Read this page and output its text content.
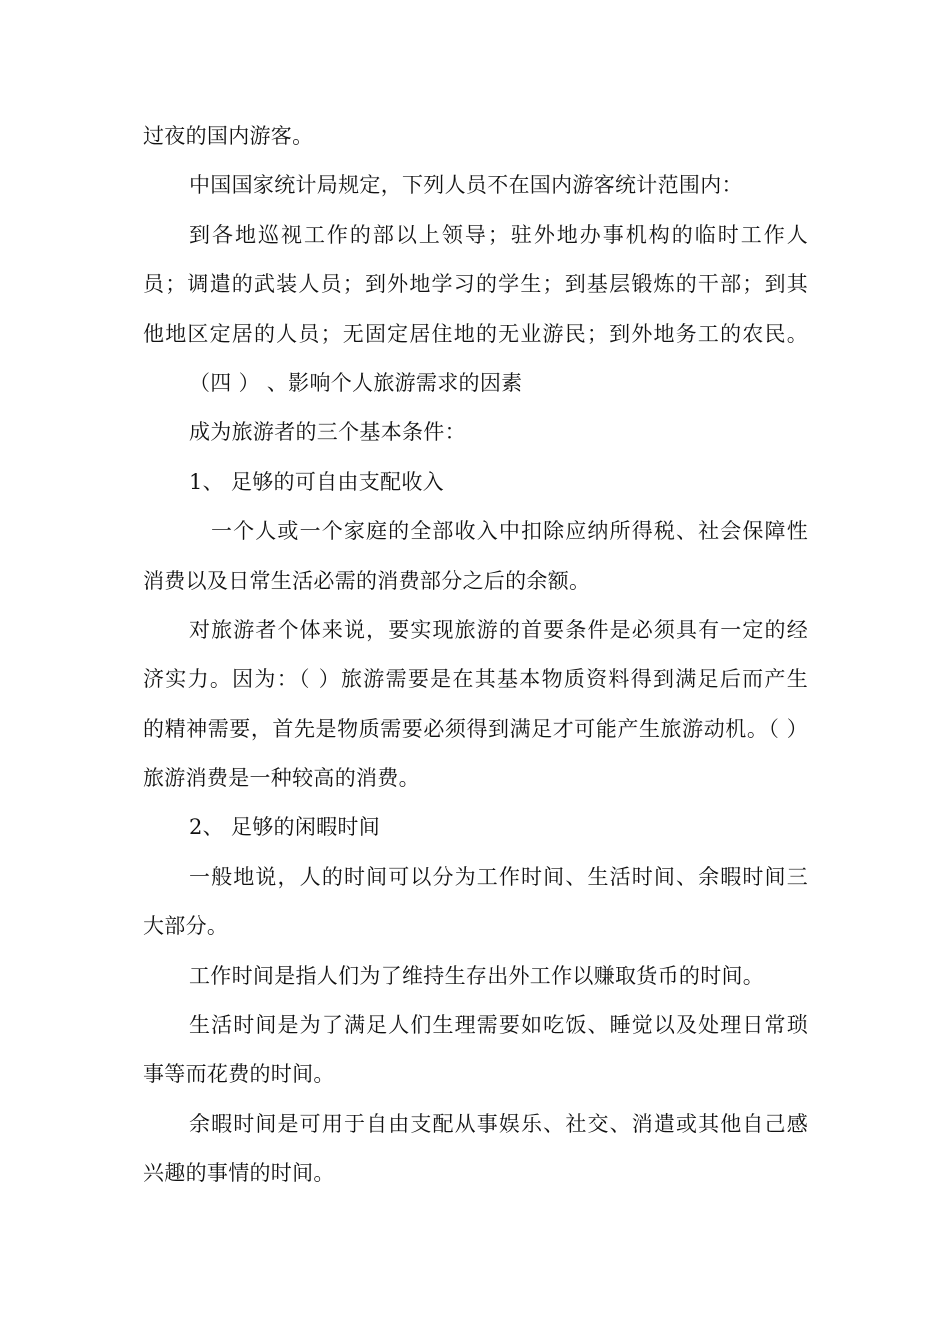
过夜的国内游客。
中国国家统计局规定，下列人员不在国内游客统计范围内：
到各地巡视工作的部以上领导；驻外地办事机构的临时工作人
员；调遣的武装人员；到外地学习的学生；到基层锻炼的干部；到其
他地区定居的人员；无固定居住地的无业游民；到外地务工的农民。
（四 ） 、影响个人旅游需求的因素
成为旅游者的三个基本条件：
1、 足够的可自由支配收入
一个人或一个家庭的全部收入中扣除应纳所得税、社会保障性
消费以及日常生活必需的消费部分之后的余额。
对旅游者个体来说，要实现旅游的首要条件是必须具有一定的经
济实力。因为：（ ）旅游需要是在其基本物质资料得到满足后而产生
的精神需要，首先是物质需要必须得到满足才可能产生旅游动机。（ ）
旅游消费是一种较高的消费。
2、 足够的闲暇时间
一般地说，人的时间可以分为工作时间、生活时间、余暇时间三
大部分。
工作时间是指人们为了维持生存出外工作以赚取货币的时间。
生活时间是为了满足人们生理需要如吃饭、睡觉以及处理日常琐
事等而花费的时间。
余暇时间是可用于自由支配从事娱乐、社交、消遣或其他自己感
兴趣的事情的时间。
